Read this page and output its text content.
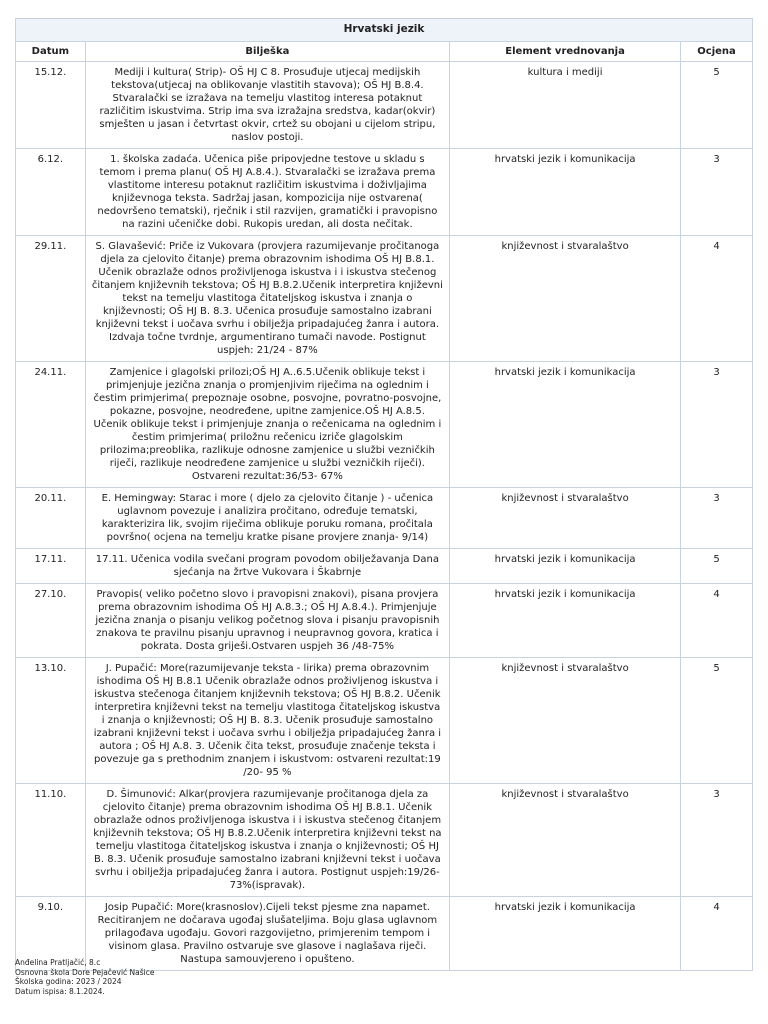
Hrvatski jezik			
Datum	Bilješka	Element vrednovanja	Ocjena
15.12.	Mediji i kultura( Strip)- OŠ HJ C 8. Prosuđuje utjecaj medijskih tekstova(utjecaj na oblikovanje vlastitih stavova); OŠ HJ B.8.4. Stvaralački se izražava na temelju vlastitog interesa potaknut različitim iskustvima. Strip ima sva izražajna sredstva, kadar(okvir) smješten u jasan i četvrtast okvir, crtež su obojani u cijelom stripu, naslov postoji.	kultura i mediji	5
6.12.	1. školska zadaća. Učenica piše pripovjedne testove u skladu s temom i prema planu( OŠ HJ A.8.4.). Stvaralački se izražava prema vlastitome interesu potaknut različitim iskustvima i doživljajima književnoga teksta. Sadržaj jasan, kompozicija nije ostvarena( nedovršeno tematski), rječnik i stil razvijen, gramatički i pravopisno na razini učeničke dobi. Rukopis uredan, ali dosta nečitak.	hrvatski jezik i komunikacija	3
29.11.	S. Glavašević: Priče iz Vukovara (provjera razumijevanje pročitanoga djela za cjelovito čitanje) prema obrazovnim ishodima OŠ HJ B.8.1. Učenik obrazlaže odnos proživljenoga iskustva i i iskustva stečenog čitanjem književnih tekstova; OŠ HJ B.8.2.Učenik interpretira književni tekst na temelju vlastitoga čitateljskog iskustva i znanja o književnosti; OŠ HJ B. 8.3. Učenica prosuđuje samostalno izabrani književni tekst i uočava svrhu i obilježja pripadajućeg žanra i autora. Izdvaja točne tvrdnje, argumentirano tumači navode. Postignut uspjeh: 21/24 - 87%	književnost i stvaralaštvo	4
24.11.	Zamjenice i glagolski prilozi;OŠ HJ A..6.5.Učenik oblikuje tekst i primjenjuje jezična znanja o promjenjivim riječima na oglednim i čestim primjerima( prepoznaje osobne, posvojne, povratno-posvojne, pokazne, posvojne, neodređene, upitne zamjenice.OŠ HJ A.8.5. Učenik oblikuje tekst i primjenjuje znanja o rečenicama na oglednim i čestim primjerima( priložnu rečenicu izriče glagolskim prilozima;preoblika, razlikuje odnosne zamjenice u službi vezničkih riječi, razlikuje neodređene zamjenice u službi vezničkih riječi). Ostvareni rezultat:36/53- 67%	hrvatski jezik i komunikacija	3
20.11.	E. Hemingway: Starac i more ( djelo za cjelovito čitanje ) - učenica uglavnom povezuje i analizira pročitano, određuje tematski, karakterizira lik, svojim riječima oblikuje poruku romana, pročitala površno( ocjena na temelju kratke pisane provjere znanja- 9/14)	književnost i stvaralaštvo	3
17.11.	17.11. Učenica vodila svečani program povodom obilježavanja Dana sjećanja na žrtve Vukovara i Škabrnje	hrvatski jezik i komunikacija	5
27.10.	Pravopis( veliko početno slovo i pravopisni znakovi), pisana provjera prema obrazovnim ishodima OŠ HJ A.8.3.; OŠ HJ A.8.4.). Primjenjuje jezična znanja o pisanju velikog početnog slova i pisanju pravopisnih znakova te pravilnu pisanju upravnog i neupravnog govora, kratica i pokrata. Dosta griješi.Ostvaren uspjeh 36 /48-75%	hrvatski jezik i komunikacija	4
13.10.	J. Pupačić: More(razumijevanje teksta - lirika) prema obrazovnim ishodima OŠ HJ B.8.1 Učenik obrazlaže odnos proživljenog iskustva i iskustva stečenoga čitanjem književnih tekstova; OŠ HJ B.8.2. Učenik interpretira književni tekst na temelju vlastitoga čitateljskog iskustva i znanja o književnosti; OŠ HJ B. 8.3. Učenik prosuđuje samostalno izabrani književni tekst i uočava svrhu i obilježja pripadajućeg žanra i autora ; OŠ HJ A.8. 3. Učenik čita tekst, prosuđuje značenje teksta i povezuje ga s prethodnim znanjem i iskustvom: ostvareni rezultat:19 /20- 95 %	književnost i stvaralaštvo	5
11.10.	D. Šimunović: Alkar(provjera razumijevanje pročitanoga djela za cjelovito čitanje) prema obrazovnim ishodima OŠ HJ B.8.1. Učenik obrazlaže odnos proživljenoga iskustva i i iskustva stečenog čitanjem književnih tekstova; OŠ HJ B.8.2.Učenik interpretira književni tekst na temelju vlastitoga čitateljskog iskustva i znanja o književnosti; OŠ HJ B. 8.3. Učenik prosuđuje samostalno izabrani književni tekst i uočava svrhu i obilježja pripadajućeg žanra i autora. Postignut uspjeh:19/26-73%(ispravak).	književnost i stvaralaštvo	3
9.10.	Josip Pupačić: More(krasnoslov).Cijeli tekst pjesme zna napamet. Recitiranjem ne dočarava ugođaj slušateljima. Boju glasa uglavnom prilagođava ugođaju. Govori razgovijetno, primjerenim tempom i visinom glasa. Pravilno ostvaruje sve glasove i naglašava riječi. Nastupa samouvjereno i opušteno.	hrvatski jezik i komunikacija	4
Anđelina Pratljačić, 8.c
Osnovna škola Dore Pejačević Našice
Školska godina: 2023 / 2024
Datum ispisa: 8.1.2024.
